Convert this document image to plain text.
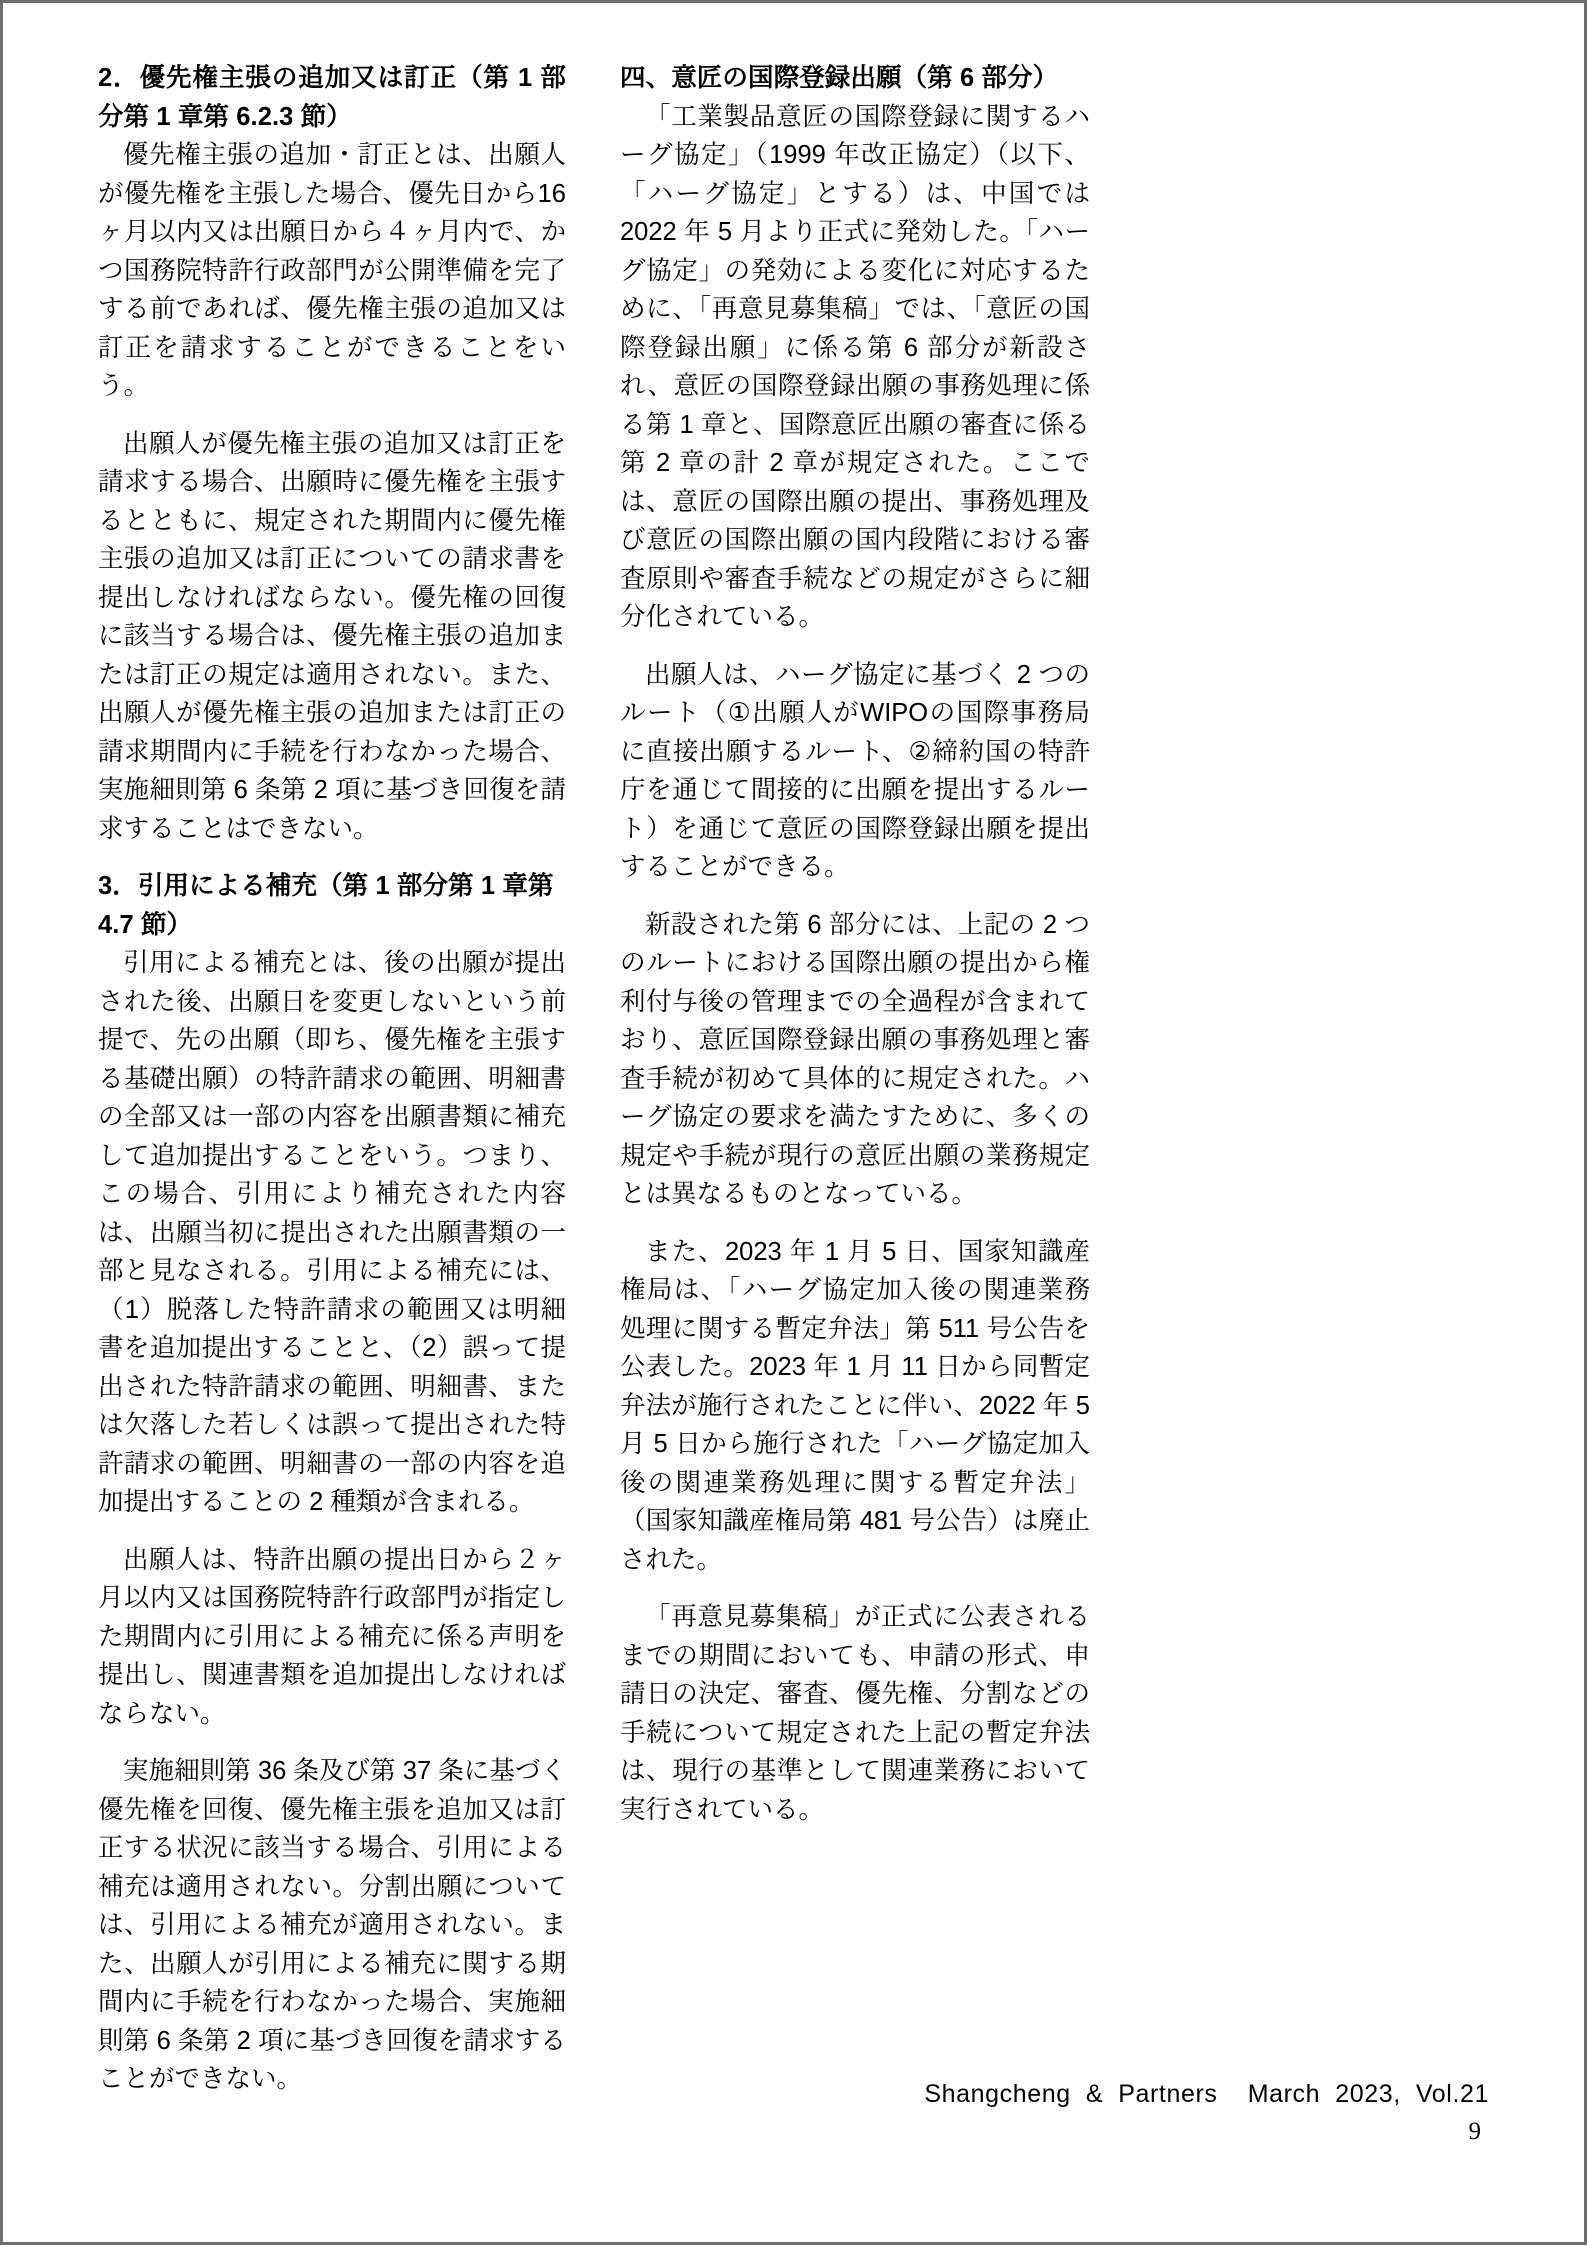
2．優先権主張の追加又は訂正（第 1 部分第 1 章第 6.2.3 節）

優先権主張の追加・訂正とは、出願人が優先権を主張した場合、優先日から16ヶ月以内又は出願日から４ヶ月内で、かつ国務院特許行政部門が公開準備を完了する前であれば、優先権主張の追加又は訂正を請求することができることをいう。

出願人が優先権主張の追加又は訂正を請求する場合、出願時に優先権を主張するとともに、規定された期間内に優先権主張の追加又は訂正についての請求書を提出しなければならない。優先権の回復に該当する場合は、優先権主張の追加または訂正の規定は適用されない。また、出願人が優先権主張の追加または訂正の請求期間内に手続を行わなかった場合、実施細則第 6 条第 2 項に基づき回復を請求することはできない。

3．引用による補充（第 1 部分第 1 章第 4.7 節）

引用による補充とは、後の出願が提出された後、出願日を変更しないという前提で、先の出願（即ち、優先権を主張する基礎出願）の特許請求の範囲、明細書の全部又は一部の内容を出願書類に補充して追加提出することをいう。つまり、この場合、引用により補充された内容は、出願当初に提出された出願書類の一部と見なされる。引用による補充には、（1）脱落した特許請求の範囲又は明細書を追加提出することと、（2）誤って提出された特許請求の範囲、明細書、または欠落した若しくは誤って提出された特許請求の範囲、明細書の一部の内容を追加提出することの 2 種類が含まれる。

出願人は、特許出願の提出日から２ヶ月以内又は国務院特許行政部門が指定した期間内に引用による補充に係る声明を提出し、関連書類を追加提出しなければならない。

実施細則第 36 条及び第 37 条に基づく優先権を回復、優先権主張を追加又は訂正する状況に該当する場合、引用による補充は適用されない。分割出願については、引用による補充が適用されない。また、出願人が引用による補充に関する期間内に手続を行わなかった場合、実施細則第 6 条第 2 項に基づき回復を請求することができない。

四、意匠の国際登録出願（第 6 部分）

「工業製品意匠の国際登録に関するハーグ協定」（1999 年改正協定）（以下、「ハーグ協定」とする）は、中国では 2022 年 5 月より正式に発効した。「ハーグ協定」の発効による変化に対応するために、「再意見募集稿」では、「意匠の国際登録出願」に係る第 6 部分が新設され、意匠の国際登録出願の事務処理に係る第 1 章と、国際意匠出願の審査に係る第 2 章の計 2 章が規定された。ここでは、意匠の国際出願の提出、事務処理及び意匠の国際出願の国内段階における審査原則や審査手続などの規定がさらに細分化されている。

出願人は、ハーグ協定に基づく 2 つのルート（①出願人がWIPOの国際事務局に直接出願するルート、②締約国の特許庁を通じて間接的に出願を提出するルート）を通じて意匠の国際登録出願を提出することができる。

新設された第 6 部分には、上記の 2 つのルートにおける国際出願の提出から権利付与後の管理までの全過程が含まれており、意匠国際登録出願の事務処理と審査手続が初めて具体的に規定された。ハーグ協定の要求を満たすために、多くの規定や手続が現行の意匠出願の業務規定とは異なるものとなっている。

また、2023 年 1 月 5 日、国家知識産権局は、「ハーグ協定加入後の関連業務処理に関する暫定弁法」第 511 号公告を公表した。2023 年 1 月 11 日から同暫定弁法が施行されたことに伴い、2022 年 5 月 5 日から施行された「ハーグ協定加入後の関連業務処理に関する暫定弁法」（国家知識産権局第 481 号公告）は廃止された。

「再意見募集稿」が正式に公表されるまでの期間においても、申請の形式、申請日の決定、審査、優先権、分割などの手続について規定された上記の暫定弁法は、現行の基準として関連業務において実行されている。

Shangcheng  &  Partners    March  2023,  Vol.21
9
